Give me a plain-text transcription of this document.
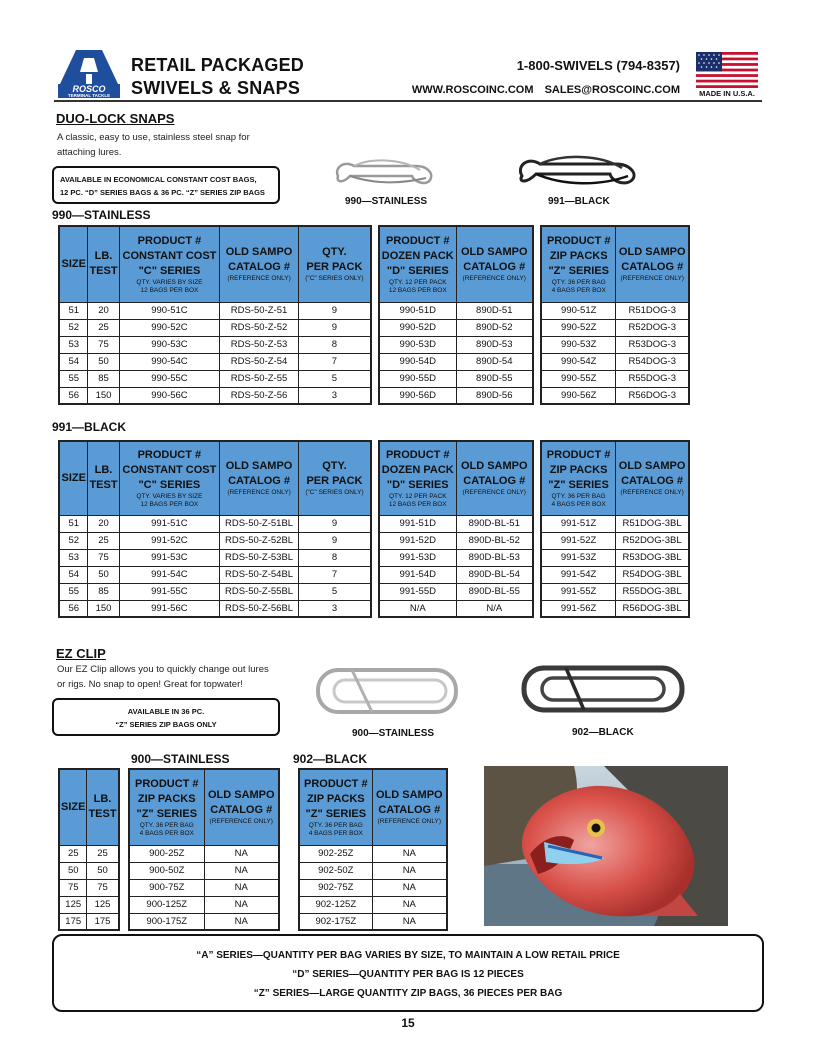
ROSCO
TERMINAL TACKLE
RETAIL PACKAGED
SWIVELS & SNAPS
1-800-SWIVELS (794-8357)
WWW.ROSCOINC.COM SALES@ROSCOINC.COM	MADE IN U.S.A.
DUO-LOCK SNAPS
A classic, easy to use, stainless steel snap for
attaching lures.
AVAILABLE IN ECONOMICAL CONSTANT COST BAGS,
12 PC. “D” SERIES BAGS & 36 PC. “Z” SERIES ZIP BAGS
990—STAINLESS	991—BLACK
990—STAINLESS
SIZE	LB.
TEST	PRODUCT #
CONSTANT COST
"C" SERIES
QTY. VARIES BY SIZE
12 BAGS PER BOX	OLD SAMPO
CATALOG #
(REFERENCE ONLY)	QTY.
PER PACK
("C" SERIES ONLY)

51	20	990-51C	RDS-50-Z-51	9
52	25	990-52C	RDS-50-Z-52	9
53	75	990-53C	RDS-50-Z-53	8
54	50	990-54C	RDS-50-Z-54	7
55	85	990-55C	RDS-50-Z-55	5
56	150	990-56C	RDS-50-Z-56	3
PRODUCT #
DOZEN PACK
"D" SERIES
QTY. 12 PER PACK
12 BAGS PER BOX	OLD SAMPO
CATALOG #
(REFERENCE ONLY)

990-51D	890D-51
990-52D	890D-52
990-53D	890D-53
990-54D	890D-54
990-55D	890D-55
990-56D	890D-56
PRODUCT #
ZIP PACKS
"Z" SERIES
QTY. 36 PER BAG
4 BAGS PER BOX	OLD SAMPO
CATALOG #
(REFERENCE ONLY)

990-51Z	R51DOG-3
990-52Z	R52DOG-3
990-53Z	R53DOG-3
990-54Z	R54DOG-3
990-55Z	R55DOG-3
990-56Z	R56DOG-3
991—BLACK
SIZE	LB.
TEST	PRODUCT #
CONSTANT COST
"C" SERIES
QTY. VARIES BY SIZE
12 BAGS PER BOX	OLD SAMPO
CATALOG #
(REFERENCE ONLY)	QTY.
PER PACK
("C" SERIES ONLY)

51	20	991-51C	RDS-50-Z-51BL	9
52	25	991-52C	RDS-50-Z-52BL	9
53	75	991-53C	RDS-50-Z-53BL	8
54	50	991-54C	RDS-50-Z-54BL	7
55	85	991-55C	RDS-50-Z-55BL	5
56	150	991-56C	RDS-50-Z-56BL	3
PRODUCT #
DOZEN PACK
"D" SERIES
QTY. 12 PER PACK
12 BAGS PER BOX	OLD SAMPO
CATALOG #
(REFERENCE ONLY)

991-51D	890D-BL-51
991-52D	890D-BL-52
991-53D	890D-BL-53
991-54D	890D-BL-54
991-55D	890D-BL-55
N/A	N/A
PRODUCT #
ZIP PACKS
"Z" SERIES
QTY. 36 PER BAG
4 BAGS PER BOX	OLD SAMPO
CATALOG #
(REFERENCE ONLY)

991-51Z	R51DOG-3BL
991-52Z	R52DOG-3BL
991-53Z	R53DOG-3BL
991-54Z	R54DOG-3BL
991-55Z	R55DOG-3BL
991-56Z	R56DOG-3BL
EZ CLIP
Our EZ Clip allows you to quickly change out lures
or rigs. No snap to open! Great for topwater!
AVAILABLE IN 36 PC.
“Z” SERIES ZIP BAGS ONLY
900—STAINLESS	902—BLACK
900—STAINLESS	902—BLACK
SIZE	LB.
TEST
25	25
50	50
75	75
125	125
175	175
PRODUCT #
ZIP PACKS
"Z" SERIES
QTY. 36 PER BAG
4 BAGS PER BOX	OLD SAMPO
CATALOG #
(REFERENCE ONLY)

900-25Z	NA
900-50Z	NA
900-75Z	NA
900-125Z	NA
900-175Z	NA
PRODUCT #
ZIP PACKS
"Z" SERIES
QTY. 36 PER BAG
4 BAGS PER BOX	OLD SAMPO
CATALOG #
(REFERENCE ONLY)

902-25Z	NA
902-50Z	NA
902-75Z	NA
902-125Z	NA
902-175Z	NA
“A” SERIES—QUANTITY PER BAG VARIES BY SIZE, TO MAINTAIN A LOW RETAIL PRICE
“D” SERIES—QUANTITY PER BAG IS 12 PIECES
“Z” SERIES—LARGE QUANTITY ZIP BAGS, 36 PIECES PER BAG
15
